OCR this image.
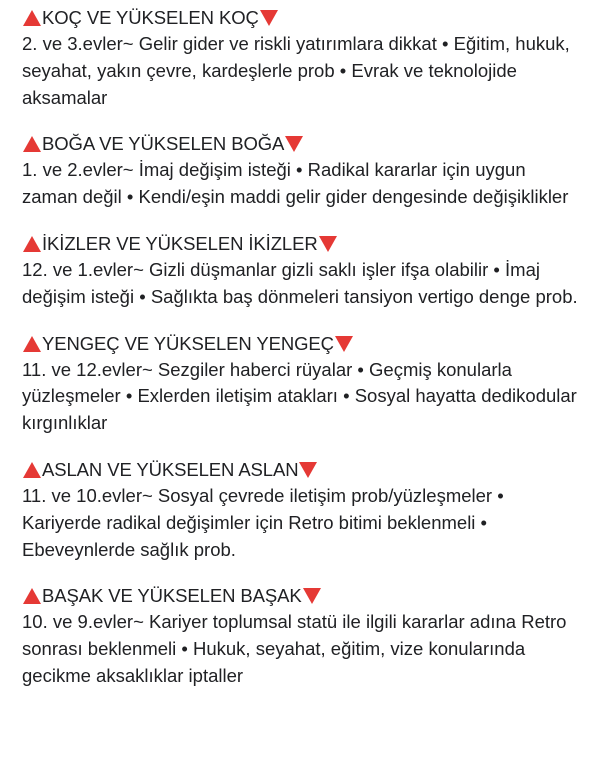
KOÇ VE YÜKSELEN KOÇ

2. ve 3.evler~ Gelir gider ve riskli yatırımlara dikkat • Eğitim, hukuk, seyahat, yakın çevre, kardeşlerle prob • Evrak ve teknolojide aksamalar

BOĞA VE YÜKSELEN BOĞA

1. ve 2.evler~ İmaj değişim isteği • Radikal kararlar için uygun zaman değil • Kendi/eşin maddi gelir gider dengesinde değişiklikler

İKİZLER VE YÜKSELEN İKİZLER

12. ve 1.evler~ Gizli düşmanlar gizli saklı işler ifşa olabilir • İmaj değişim isteği • Sağlıkta baş dönmeleri tansiyon vertigo denge prob.

YENGEÇ VE YÜKSELEN YENGEÇ

11. ve 12.evler~ Sezgiler haberci rüyalar • Geçmiş konularla yüzleşmeler • Exlerden iletişim atakları • Sosyal hayatta dedikodular kırgınlıklar

ASLAN VE YÜKSELEN ASLAN

11. ve 10.evler~ Sosyal çevrede iletişim prob/yüzleşmeler • Kariyerde radikal değişimler için Retro bitimi beklenmeli • Ebeveynlerde sağlık prob.

BAŞAK VE YÜKSELEN BAŞAK

10. ve 9.evler~ Kariyer toplumsal statü ile ilgili kararlar adına Retro sonrası beklenmeli • Hukuk, seyahat, eğitim, vize konularında gecikme aksaklıklar iptaller
